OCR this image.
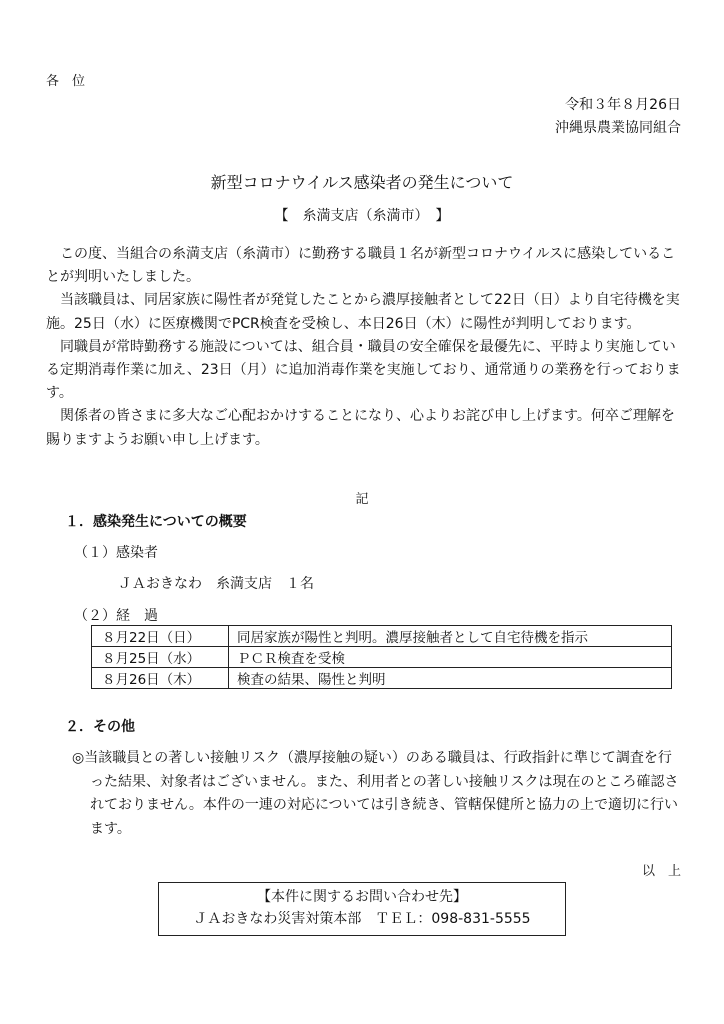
各　位
令和３年８月26日
沖縄県農業協同組合
新型コロナウイルス感染者の発生について
【　糸満支店（糸満市）　】

この度、当組合の糸満支店（糸満市）に勤務する職員１名が新型コロナウイルスに感染していることが判明いたしました。

当該職員は、同居家族に陽性者が発覚したことから濃厚接触者として22日（日）より自宅待機を実施。25日（水）に医療機関でPCR検査を受検し、本日26日（木）に陽性が判明しております。

同職員が常時勤務する施設については、組合員・職員の安全確保を最優先に、平時より実施している定期消毒作業に加え、23日（月）に追加消毒作業を実施しており、通常通りの業務を行っております。

関係者の皆さまに多大なご心配おかけすることになり、心よりお詫び申し上げます。何卒ご理解を賜りますようお願い申し上げます。

記
１．感染発生についての概要
（１）感染者
ＪＡおきなわ　糸満支店　１名
（２）経　過
８月22日（日）	同居家族が陽性と判明。濃厚接触者として自宅待機を指示
８月25日（水）	ＰＣＲ検査を受検
８月26日（木）	検査の結果、陽性と判明
２．その他

◎当該職員との著しい接触リスク（濃厚接触の疑い）のある職員は、行政指針に準じて調査を行った結果、対象者はございません。また、利用者との著しい接触リスクは現在のところ確認されておりません。本件の一連の対応については引き続き、管轄保健所と協力の上で適切に行います。

以　上
【本件に関するお問い合わせ先】
ＪＡおきなわ災害対策本部　ＴＥＬ：098-831-5555
